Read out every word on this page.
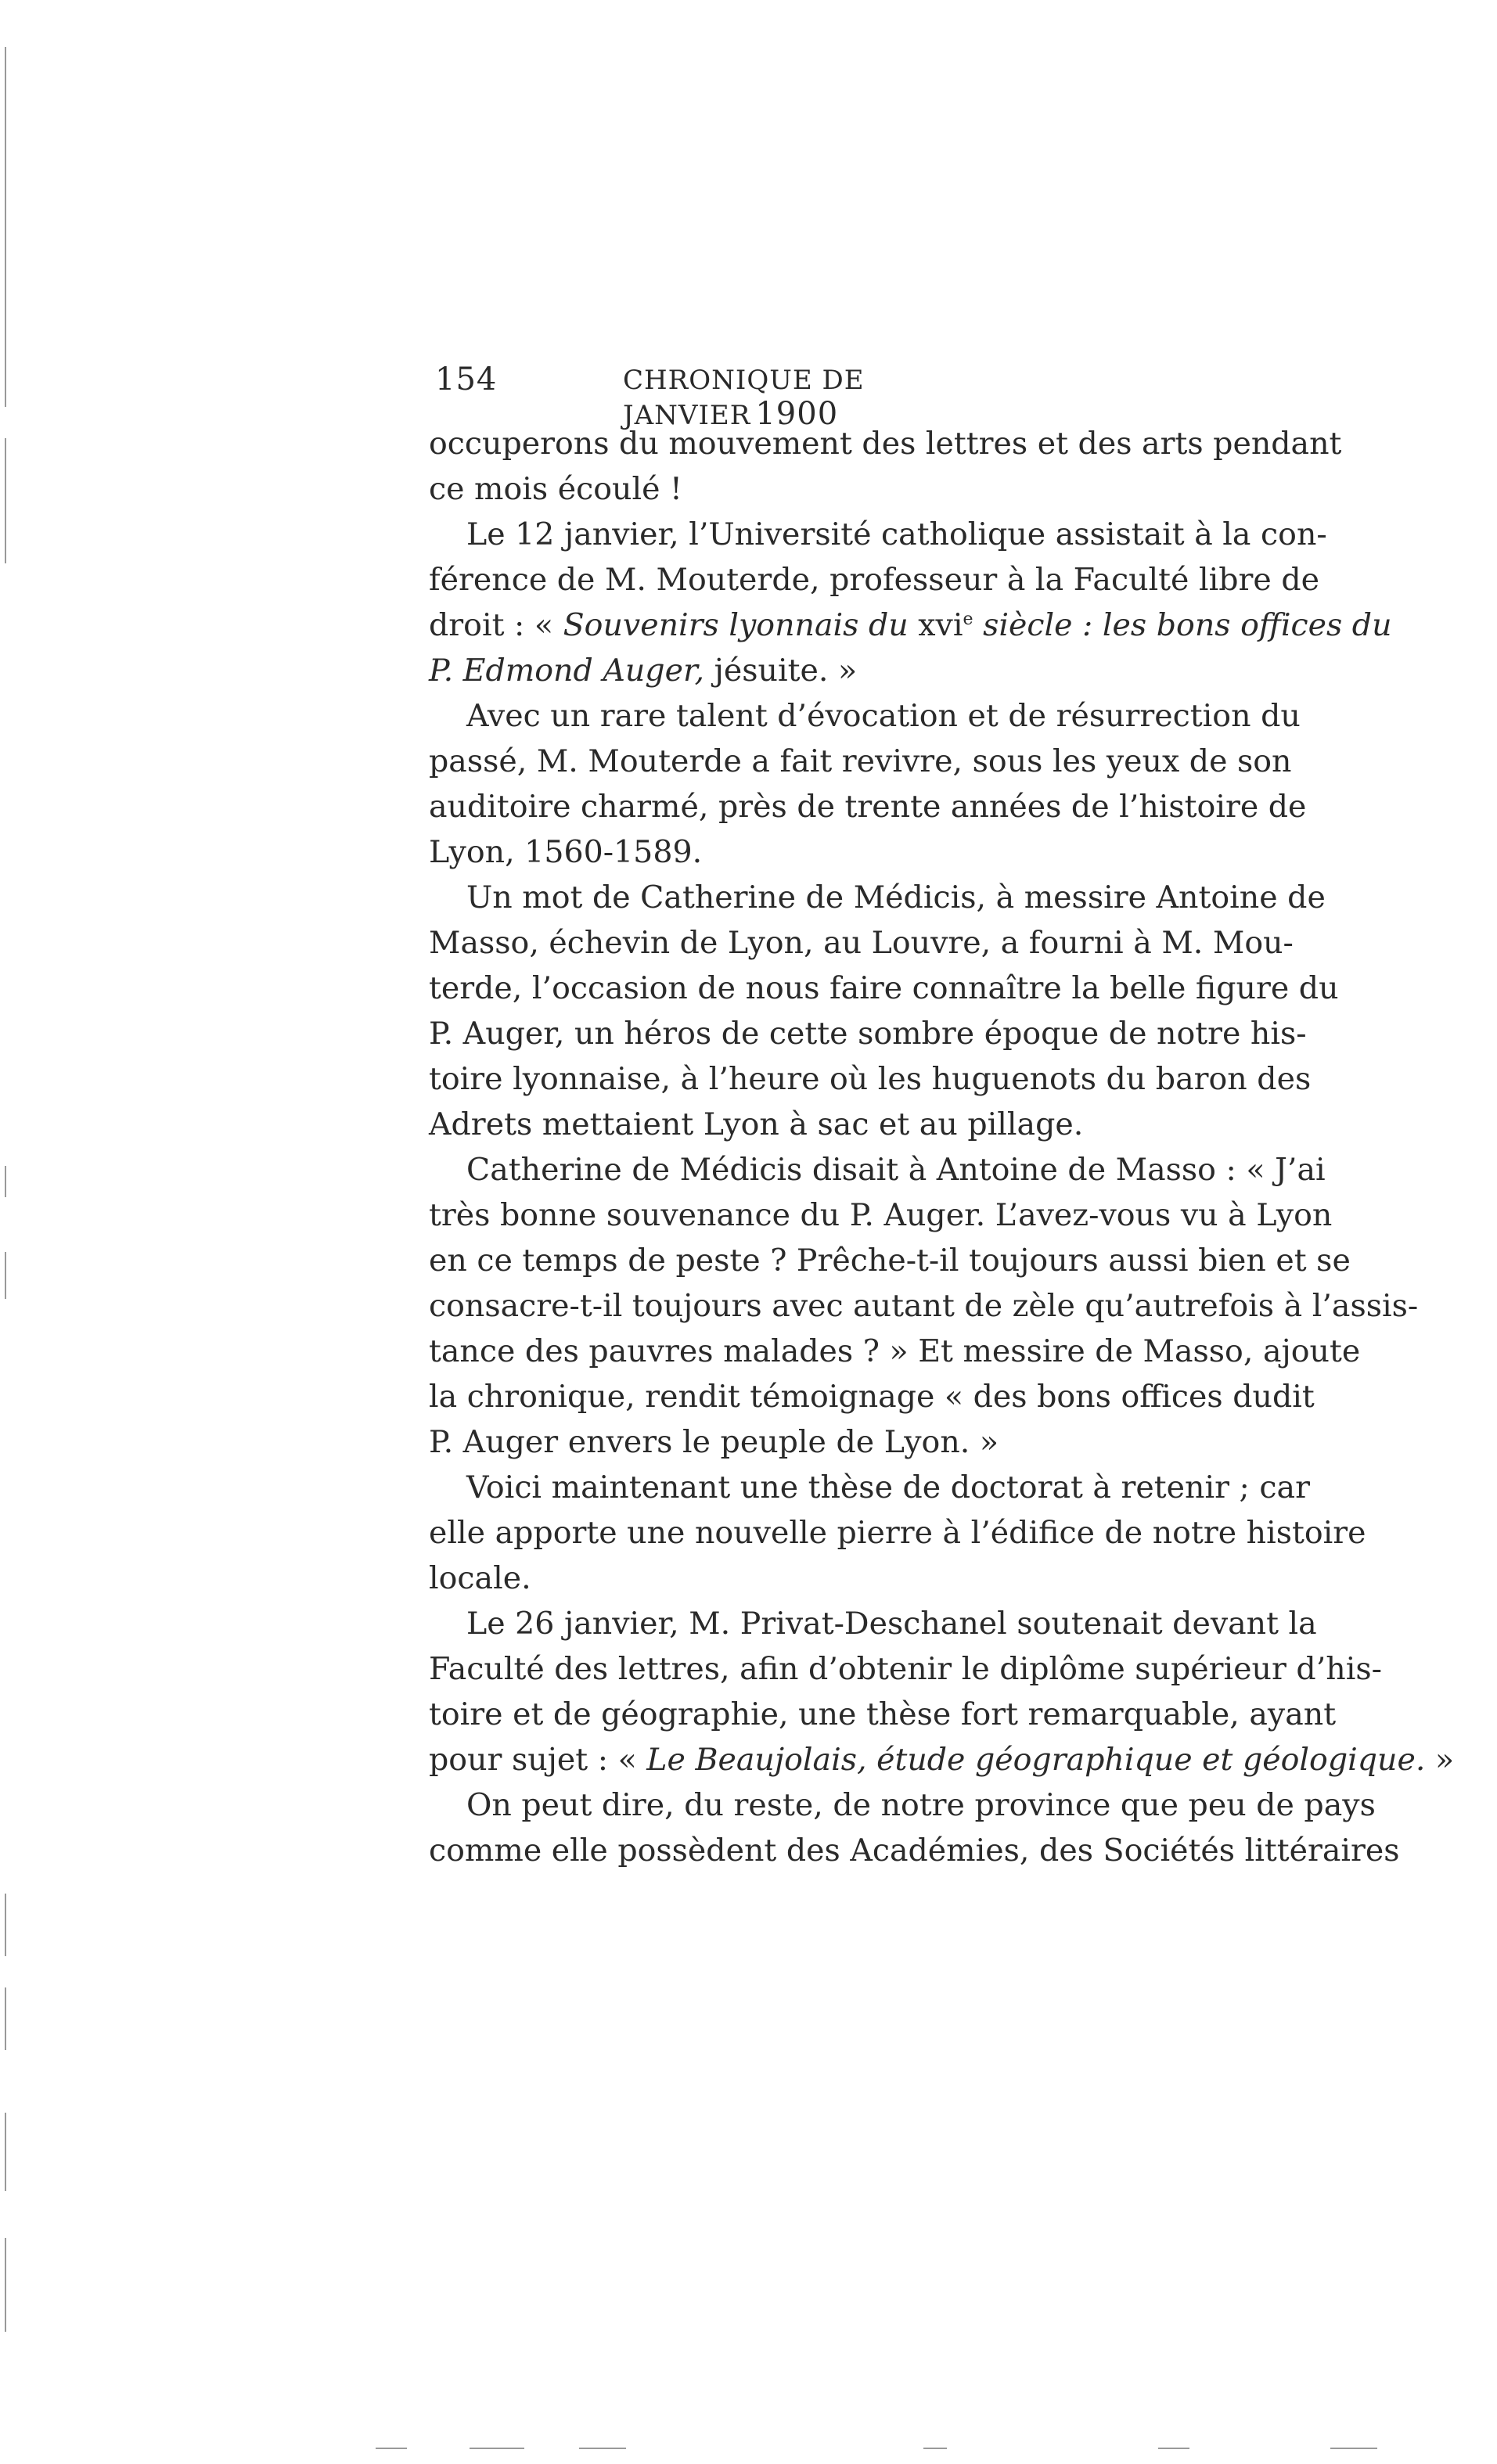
154	CHRONIQUE DE JANVIER 1900
occuperons du mouvement des lettres et des arts pendant
ce mois écoulé !
Le 12 janvier, l’Université catholique assistait à la con-
férence de M. Mouterde, professeur à la Faculté libre de
droit : « Souvenirs lyonnais du xvi$^e$ siècle : les bons offices du
P. Edmond Auger, jésuite. »
Avec un rare talent d’évocation et de résurrection du
passé, M. Mouterde a fait revivre, sous les yeux de son
auditoire charmé, près de trente années de l’histoire de
Lyon, 1560-1589.
Un mot de Catherine de Médicis, à messire Antoine de
Masso, échevin de Lyon, au Louvre, a fourni à M. Mou-
terde, l’occasion de nous faire connaître la belle figure du
P. Auger, un héros de cette sombre époque de notre his-
toire lyonnaise, à l’heure où les huguenots du baron des
Adrets mettaient Lyon à sac et au pillage.
Catherine de Médicis disait à Antoine de Masso : « J’ai
très bonne souvenance du P. Auger. L’avez-vous vu à Lyon
en ce temps de peste ? Prêche-t-il toujours aussi bien et se
consacre-t-il toujours avec autant de zèle qu’autrefois à l’assis-
tance des pauvres malades ? » Et messire de Masso, ajoute
la chronique, rendit témoignage « des bons offices dudit
P. Auger envers le peuple de Lyon. »
Voici maintenant une thèse de doctorat à retenir ; car
elle apporte une nouvelle pierre à l’édifice de notre histoire
locale.
Le 26 janvier, M. Privat-Deschanel soutenait devant la
Faculté des lettres, afin d’obtenir le diplôme supérieur d’his-
toire et de géographie, une thèse fort remarquable, ayant
pour sujet : « Le Beaujolais, étude géographique et géologique. »
On peut dire, du reste, de notre province que peu de pays
comme elle possèdent des Académies, des Sociétés littéraires
